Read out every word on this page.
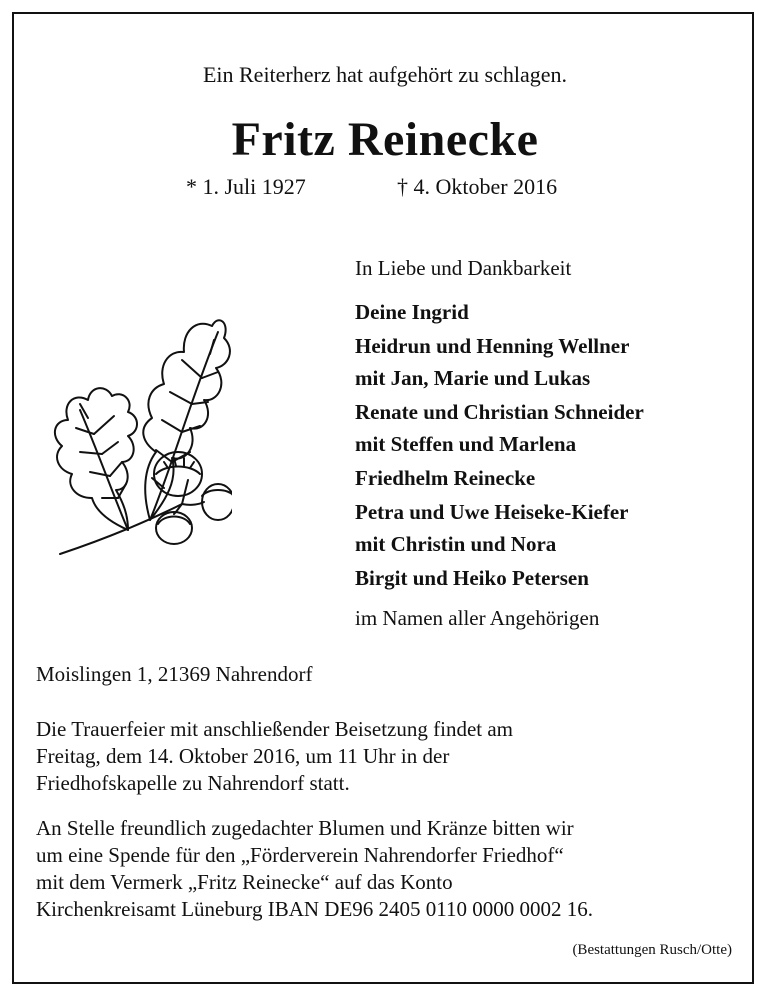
Ein Reiterherz hat aufgehört zu schlagen.
Fritz Reinecke
* 1. Juli 1927	† 4. Oktober 2016
In Liebe und Dankbarkeit
Deine Ingrid
Heidrun und Henning Wellner
mit Jan, Marie und Lukas
Renate und Christian Schneider
mit Steffen und Marlena
Friedhelm Reinecke
Petra und Uwe Heiseke-Kiefer
mit Christin und Nora
Birgit und Heiko Petersen
im Namen aller Angehörigen
Moislingen 1, 21369 Nahrendorf
Die Trauerfeier mit anschließender Beisetzung findet am
Freitag, dem 14. Oktober 2016, um 11 Uhr in der
Friedhofskapelle zu Nahrendorf statt.
An Stelle freundlich zugedachter Blumen und Kränze bitten wir
um eine Spende für den „Förderverein Nahrendorfer Friedhof“
mit dem Vermerk „Fritz Reinecke“ auf das Konto
Kirchenkreisamt Lüneburg IBAN DE96 2405 0110 0000 0002 16.
(Bestattungen Rusch/Otte)
